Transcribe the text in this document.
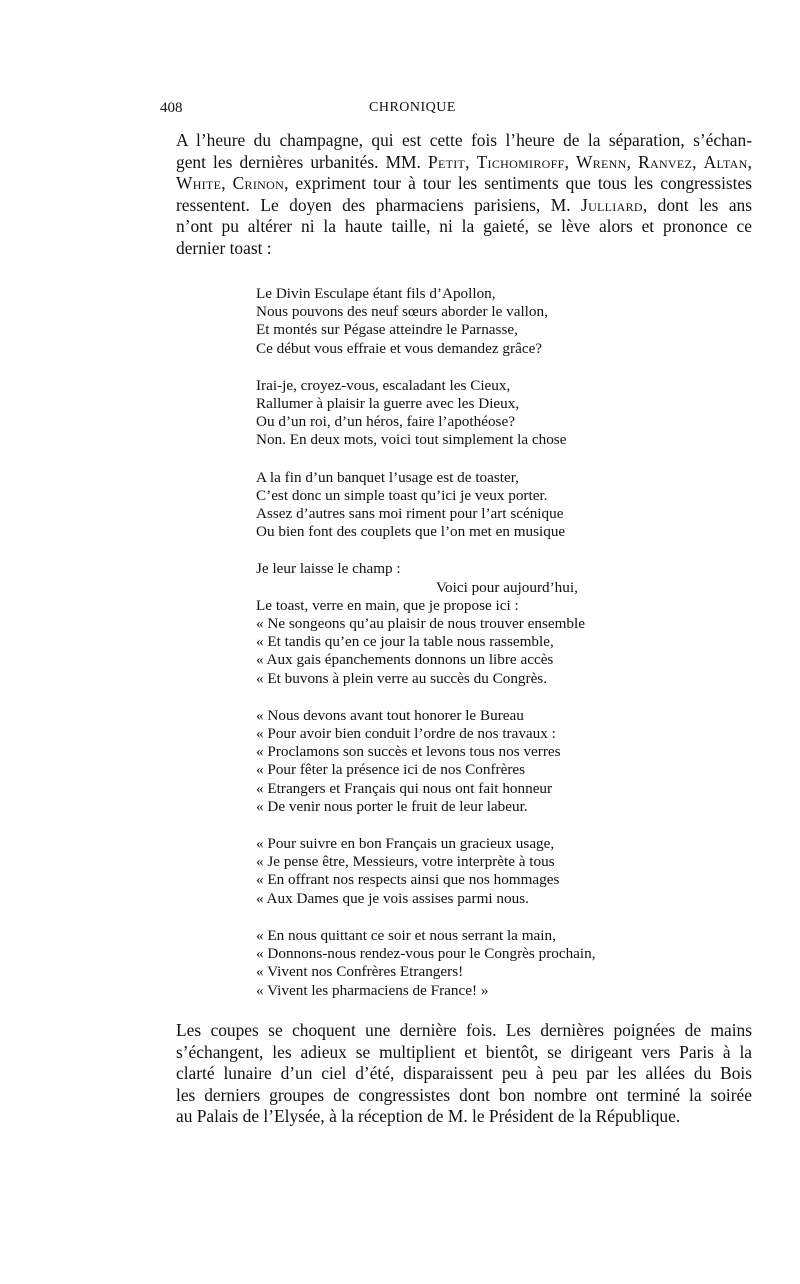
408	CHRONIQUE
A l’heure du champagne, qui est cette fois l’heure de la séparation, s’échan-
gent les dernières urbanités. MM. Petit, Tichomiroff, Wrenn, Ranvez, Altan,
White, Crinon, expriment tour à tour les sentiments que tous les congressistes
ressentent. Le doyen des pharmaciens parisiens, M. Julliard, dont les ans
n’ont pu altérer ni la haute taille, ni la gaieté, se lève alors et prononce ce
dernier toast :
Le Divin Esculape étant fils d’Apollon,
Nous pouvons des neuf sœurs aborder le vallon,
Et montés sur Pégase atteindre le Parnasse,
Ce début vous effraie et vous demandez grâce?
Irai-je, croyez-vous, escaladant les Cieux,
Rallumer à plaisir la guerre avec les Dieux,
Ou d’un roi, d’un héros, faire l’apothéose?
Non. En deux mots, voici tout simplement la chose
A la fin d’un banquet l’usage est de toaster,
C’est donc un simple toast qu’ici je veux porter.
Assez d’autres sans moi riment pour l’art scénique
Ou bien font des couplets que l’on met en musique
Je leur laisse le champ :
Voici pour aujourd’hui,
Le toast, verre en main, que je propose ici :
« Ne songeons qu’au plaisir de nous trouver ensemble
« Et tandis qu’en ce jour la table nous rassemble,
« Aux gais épanchements donnons un libre accès
« Et buvons à plein verre au succès du Congrès.
« Nous devons avant tout honorer le Bureau
« Pour avoir bien conduit l’ordre de nos travaux :
« Proclamons son succès et levons tous nos verres
« Pour fêter la présence ici de nos Confrères
« Etrangers et Français qui nous ont fait honneur
« De venir nous porter le fruit de leur labeur.
« Pour suivre en bon Français un gracieux usage,
« Je pense être, Messieurs, votre interprète à tous
« En offrant nos respects ainsi que nos hommages
« Aux Dames que je vois assises parmi nous.
« En nous quittant ce soir et nous serrant la main,
« Donnons-nous rendez-vous pour le Congrès prochain,
« Vivent nos Confrères Etrangers!
« Vivent les pharmaciens de France! »
Les coupes se choquent une dernière fois. Les dernières poignées de mains
s’échangent, les adieux se multiplient et bientôt, se dirigeant vers Paris à la
clarté lunaire d’un ciel d’été, disparaissent peu à peu par les allées du Bois
les derniers groupes de congressistes dont bon nombre ont terminé la soirée
au Palais de l’Elysée, à la réception de M. le Président de la République.
